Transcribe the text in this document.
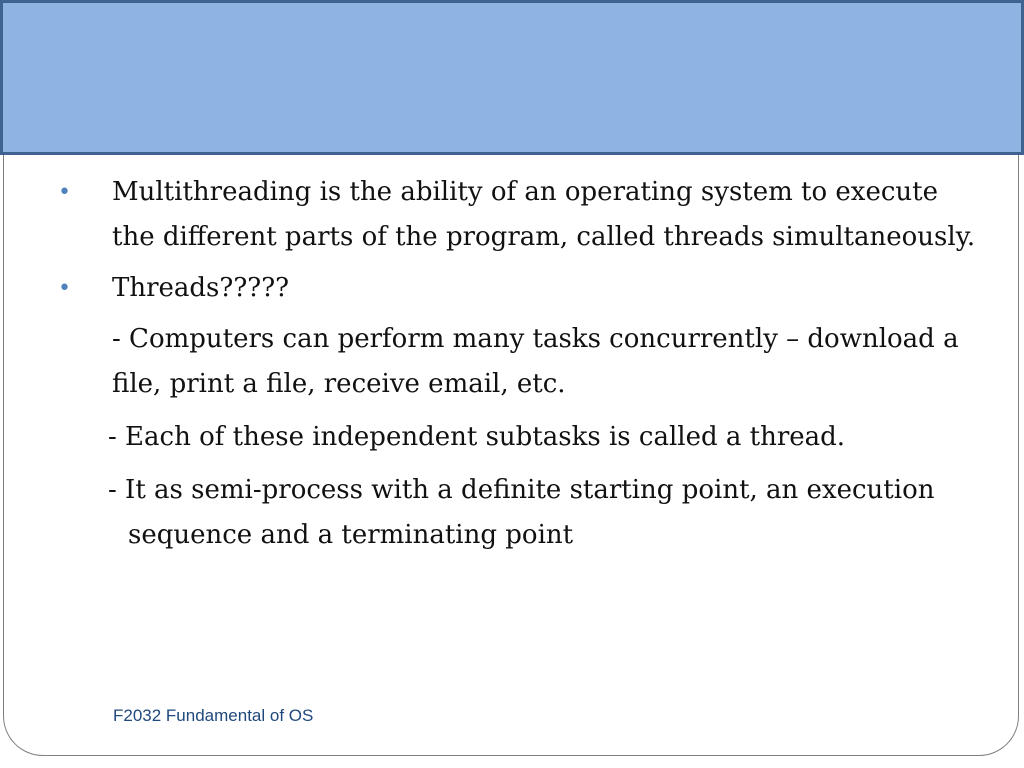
• Multithreading is the ability of an operating system to execute the different parts of the program, called threads simultaneously.
• Threads?????
- Computers can perform many tasks concurrently – download a file, print a file, receive email, etc.
- Each of these independent subtasks is called a thread.
- It as semi-process with a definite starting point, an execution
sequence and a terminating point
F2032 Fundamental of OS
